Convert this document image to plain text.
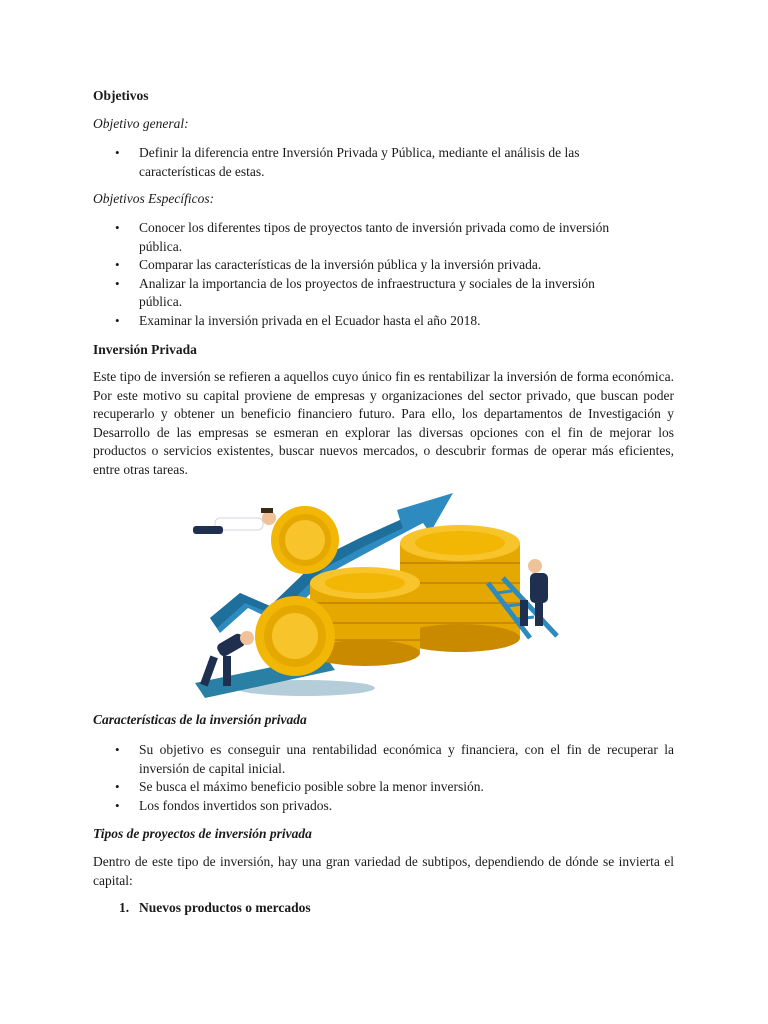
Objetivos

Objetivo general:

• Definir la diferencia entre Inversión Privada y Pública, mediante el análisis de las características de estas.

Objetivos Específicos:

• Conocer los diferentes tipos de proyectos tanto de inversión privada como de inversión pública.
• Comparar las características de la inversión pública y la inversión privada.
• Analizar la importancia de los proyectos de infraestructura y sociales de la inversión pública.
• Examinar la inversión privada en el Ecuador hasta el año 2018.

Inversión Privada

Este tipo de inversión se refieren a aquellos cuyo único fin es rentabilizar la inversión de forma económica. Por este motivo su capital proviene de empresas y organizaciones del sector privado, que buscan poder recuperarlo y obtener un beneficio financiero futuro. Para ello, los departamentos de Investigación y Desarrollo de las empresas se esmeran en explorar las diversas opciones con el fin de mejorar los productos o servicios existentes, buscar nuevos mercados, o descubrir formas de operar más eficientes, entre otras tareas.

Características de la inversión privada

• Su objetivo es conseguir una rentabilidad económica y financiera, con el fin de recuperar la inversión de capital inicial.
• Se busca el máximo beneficio posible sobre la menor inversión.
• Los fondos invertidos son privados.

Tipos de proyectos de inversión privada

Dentro de este tipo de inversión, hay una gran variedad de subtipos, dependiendo de dónde se invierta el capital:

1. Nuevos productos o mercados
